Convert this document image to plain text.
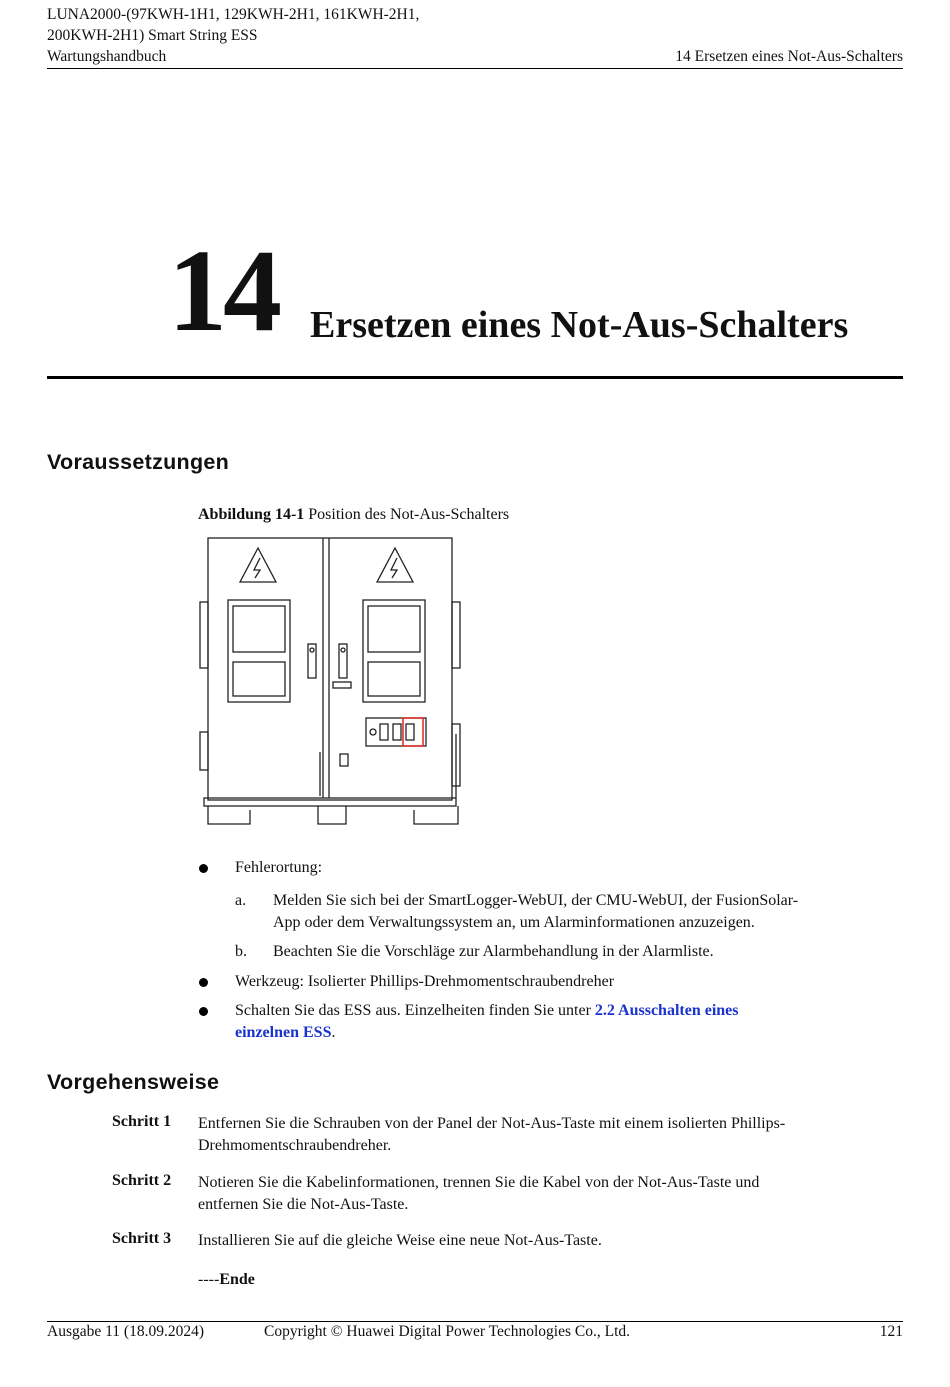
LUNA2000-(97KWH-1H1, 129KWH-2H1, 161KWH-2H1,
200KWH-2H1) Smart String ESS
Wartungshandbuch	14 Ersetzen eines Not-Aus-Schalters
14 Ersetzen eines Not-Aus-Schalters
Voraussetzungen
Abbildung 14-1 Position des Not-Aus-Schalters
Fehlerortung:
a. Melden Sie sich bei der SmartLogger-WebUI, der CMU-WebUI, der FusionSolar-
App oder dem Verwaltungssystem an, um Alarminformationen anzuzeigen.
b. Beachten Sie die Vorschläge zur Alarmbehandlung in der Alarmliste.
Werkzeug: Isolierter Phillips-Drehmomentschraubendreher
Schalten Sie das ESS aus. Einzelheiten finden Sie unter 2.2 Ausschalten eines
einzelnen ESS.
Vorgehensweise
Schritt 1 Entfernen Sie die Schrauben von der Panel der Not-Aus-Taste mit einem isolierten Phillips-
Drehmomentschraubendreher.
Schritt 2 Notieren Sie die Kabelinformationen, trennen Sie die Kabel von der Not-Aus-Taste und
entfernen Sie die Not-Aus-Taste.
Schritt 3 Installieren Sie auf die gleiche Weise eine neue Not-Aus-Taste.
----Ende
Ausgabe 11 (18.09.2024)	Copyright © Huawei Digital Power Technologies Co., Ltd.	121
